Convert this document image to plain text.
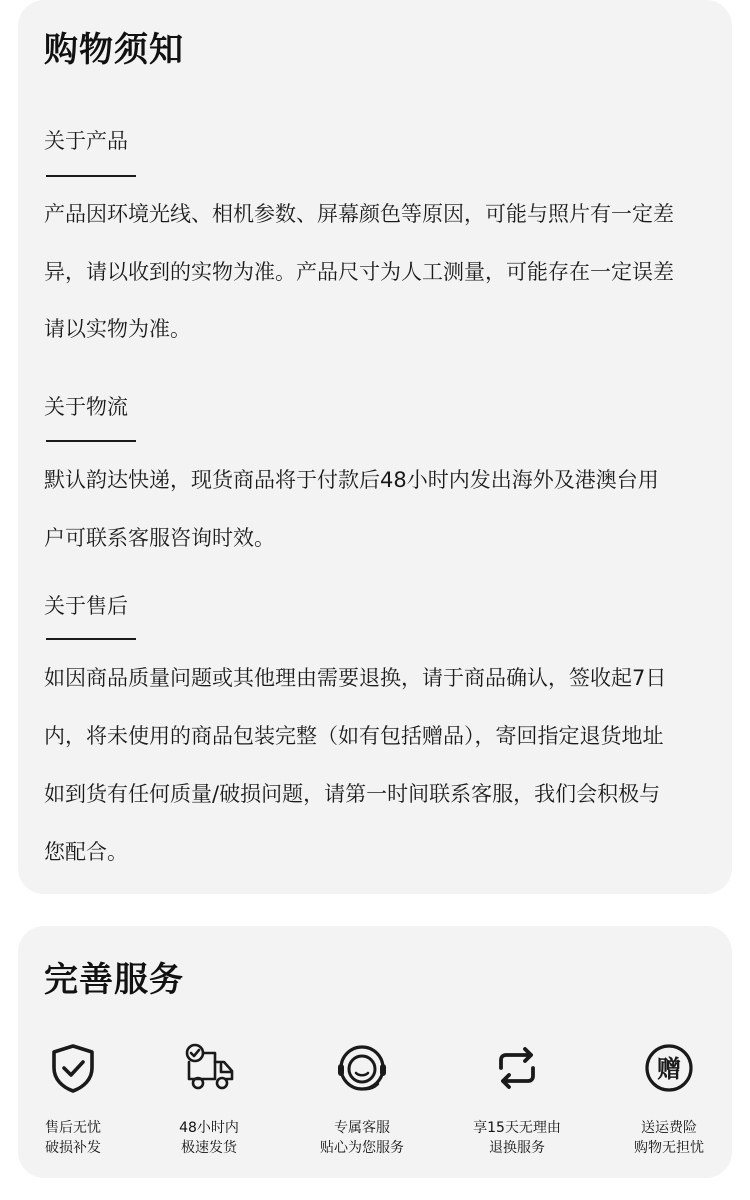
购物须知
关于产品
产品因环境光线、相机参数、屏幕颜色等原因，可能与照片有一定差
异，请以收到的实物为准。产品尺寸为人工测量，可能存在一定误差
请以实物为准。
关于物流
默认韵达快递，现货商品将于付款后48小时内发出海外及港澳台用
户可联系客服咨询时效。
关于售后
如因商品质量问题或其他理由需要退换，请于商品确认，签收起7日
内，将未使用的商品包装完整（如有包括赠品），寄回指定退货地址
如到货有任何质量/破损问题，请第一时间联系客服，我们会积极与
您配合。
完善服务
售后无忧
破损补发
48小时内
极速发货
专属客服
贴心为您服务
享15天无理由
退换服务
赠
送运费险
购物无担忧
